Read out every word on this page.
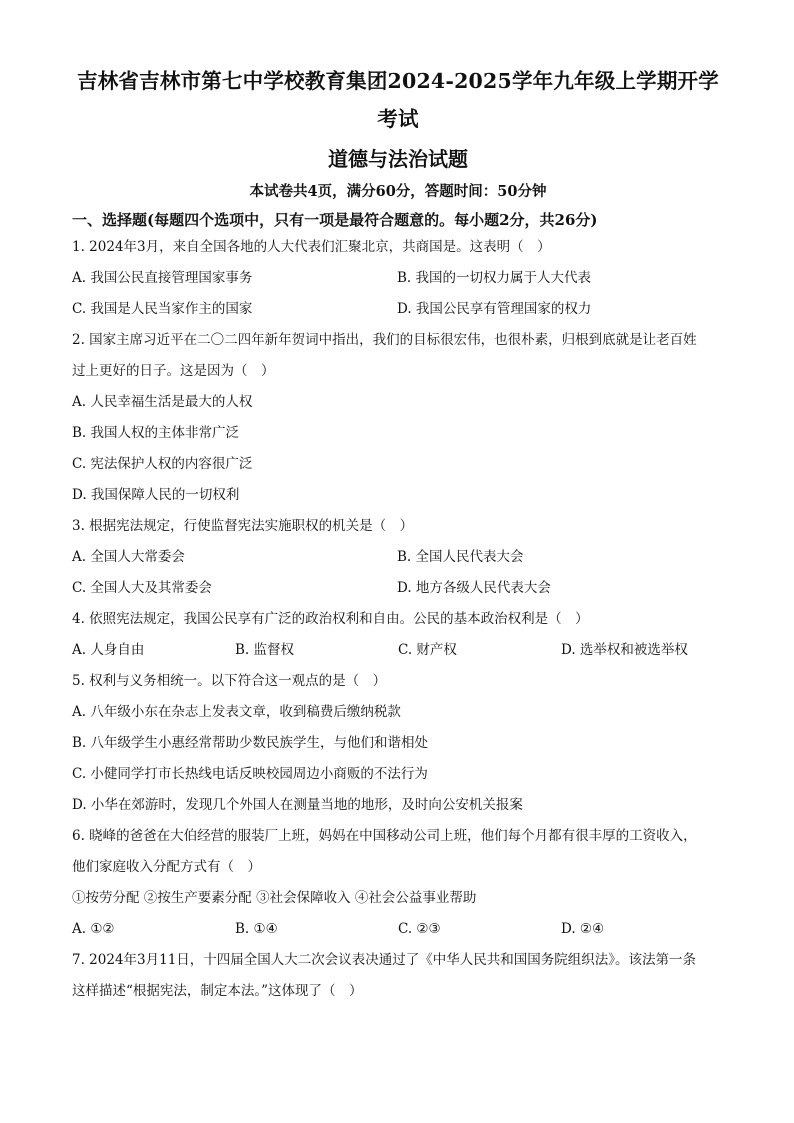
吉林省吉林市第七中学校教育集团2024-2025学年九年级上学期开学
考试
道德与法治试题
本试卷共4页，满分60分，答题时间：50分钟
一、选择题(每题四个选项中，只有一项是最符合题意的。每小题2分，共26分)
1. 2024年3月，来自全国各地的人大代表们汇聚北京，共商国是。这表明（　）
A. 我国公民直接管理国家事务	B. 我国的一切权力属于人大代表
C. 我国是人民当家作主的国家	D. 我国公民享有管理国家的权力
2. 国家主席习近平在二〇二四年新年贺词中指出，我们的目标很宏伟，也很朴素，归根到底就是让老百姓
过上更好的日子。这是因为（　）
A. 人民幸福生活是最大的人权
B. 我国人权的主体非常广泛
C. 宪法保护人权的内容很广泛
D. 我国保障人民的一切权利
3. 根据宪法规定，行使监督宪法实施职权的机关是（　）
A. 全国人大常委会	B. 全国人民代表大会
C. 全国人大及其常委会	D. 地方各级人民代表大会
4. 依照宪法规定，我国公民享有广泛的政治权利和自由。公民的基本政治权利是（　）
A. 人身自由	B. 监督权	C. 财产权	D. 选举权和被选举权
5. 权利与义务相统一。以下符合这一观点的是（　）
A. 八年级小东在杂志上发表文章，收到稿费后缴纳税款
B. 八年级学生小惠经常帮助少数民族学生，与他们和谐相处
C. 小健同学打市长热线电话反映校园周边小商贩的不法行为
D. 小华在郊游时，发现几个外国人在测量当地的地形，及时向公安机关报案
6. 晓峰的爸爸在大伯经营的服装厂上班，妈妈在中国移动公司上班，他们每个月都有很丰厚的工资收入，
他们家庭收入分配方式有（　）
①按劳分配 ②按生产要素分配 ③社会保障收入 ④社会公益事业帮助
A. ①②	B. ①④	C. ②③	D. ②④
7. 2024年3月11日，十四届全国人大二次会议表决通过了《中华人民共和国国务院组织法》。该法第一条
这样描述“根据宪法，制定本法。”这体现了（　）
